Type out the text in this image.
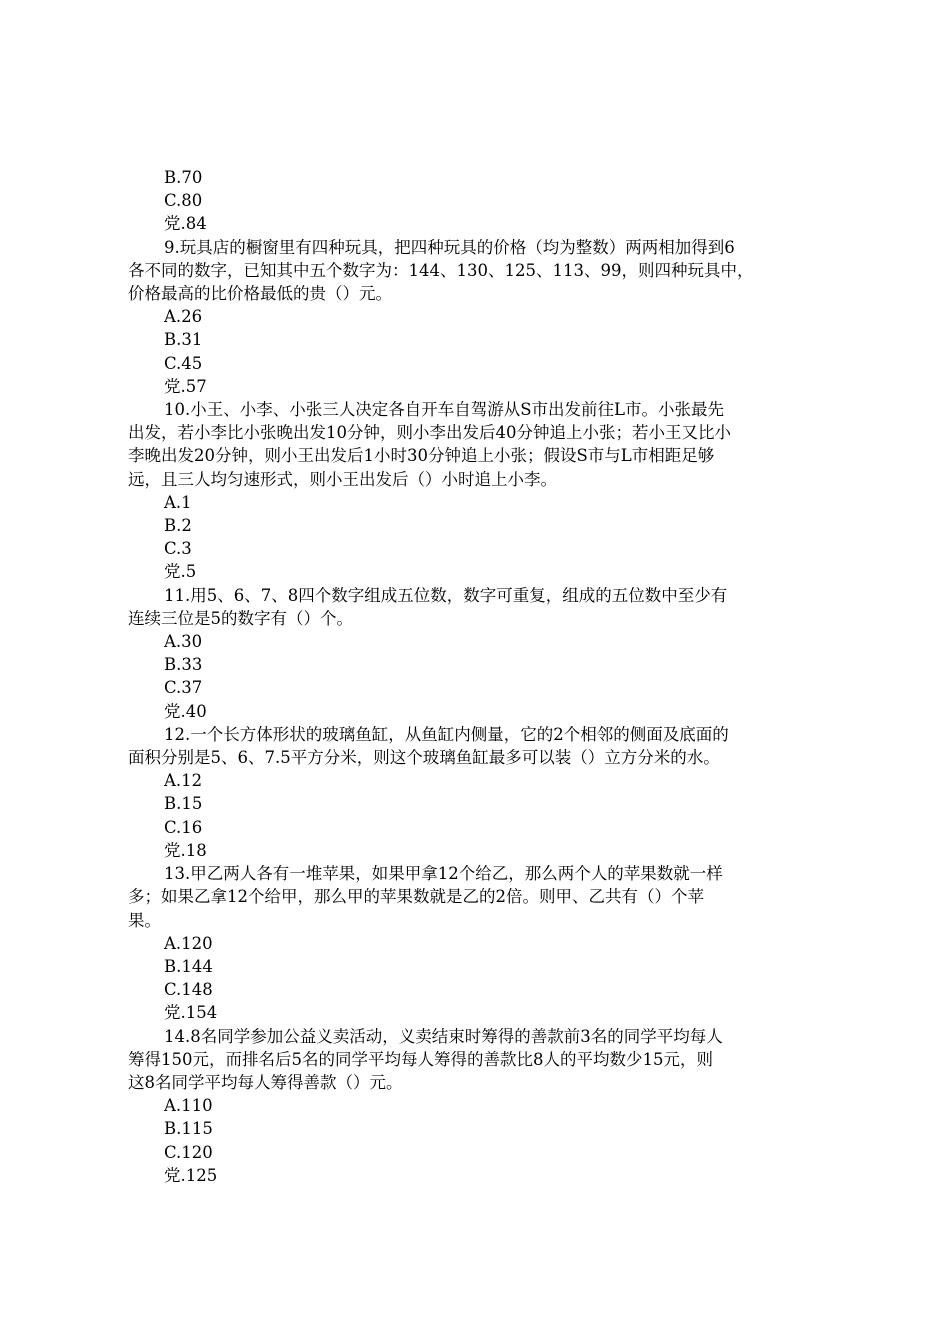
B.70
C.80
党.84
9.玩具店的橱窗里有四种玩具，把四种玩具的价格（均为整数）两两相加得到6
各不同的数字，已知其中五个数字为：144、130、125、113、99，则四种玩具中，
价格最高的比价格最低的贵（）元。
A.26
B.31
C.45
党.57
10.小王、小李、小张三人决定各自开车自驾游从S市出发前往L市。小张最先
出发，若小李比小张晚出发10分钟，则小李出发后40分钟追上小张；若小王又比小
李晚出发20分钟，则小王出发后1小时30分钟追上小张；假设S市与L市相距足够
远，且三人均匀速形式，则小王出发后（）小时追上小李。
A.1
B.2
C.3
党.5
11.用5、6、7、8四个数字组成五位数，数字可重复，组成的五位数中至少有
连续三位是5的数字有（）个。
A.30
B.33
C.37
党.40
12.一个长方体形状的玻璃鱼缸，从鱼缸内侧量，它的2个相邻的侧面及底面的
面积分别是5、6、7.5平方分米，则这个玻璃鱼缸最多可以装（）立方分米的水。
A.12
B.15
C.16
党.18
13.甲乙两人各有一堆苹果，如果甲拿12个给乙，那么两个人的苹果数就一样
多；如果乙拿12个给甲，那么甲的苹果数就是乙的2倍。则甲、乙共有（）个苹
果。
A.120
B.144
C.148
党.154
14.8名同学参加公益义卖活动，义卖结束时筹得的善款前3名的同学平均每人
筹得150元，而排名后5名的同学平均每人筹得的善款比8人的平均数少15元，则
这8名同学平均每人筹得善款（）元。
A.110
B.115
C.120
党.125
